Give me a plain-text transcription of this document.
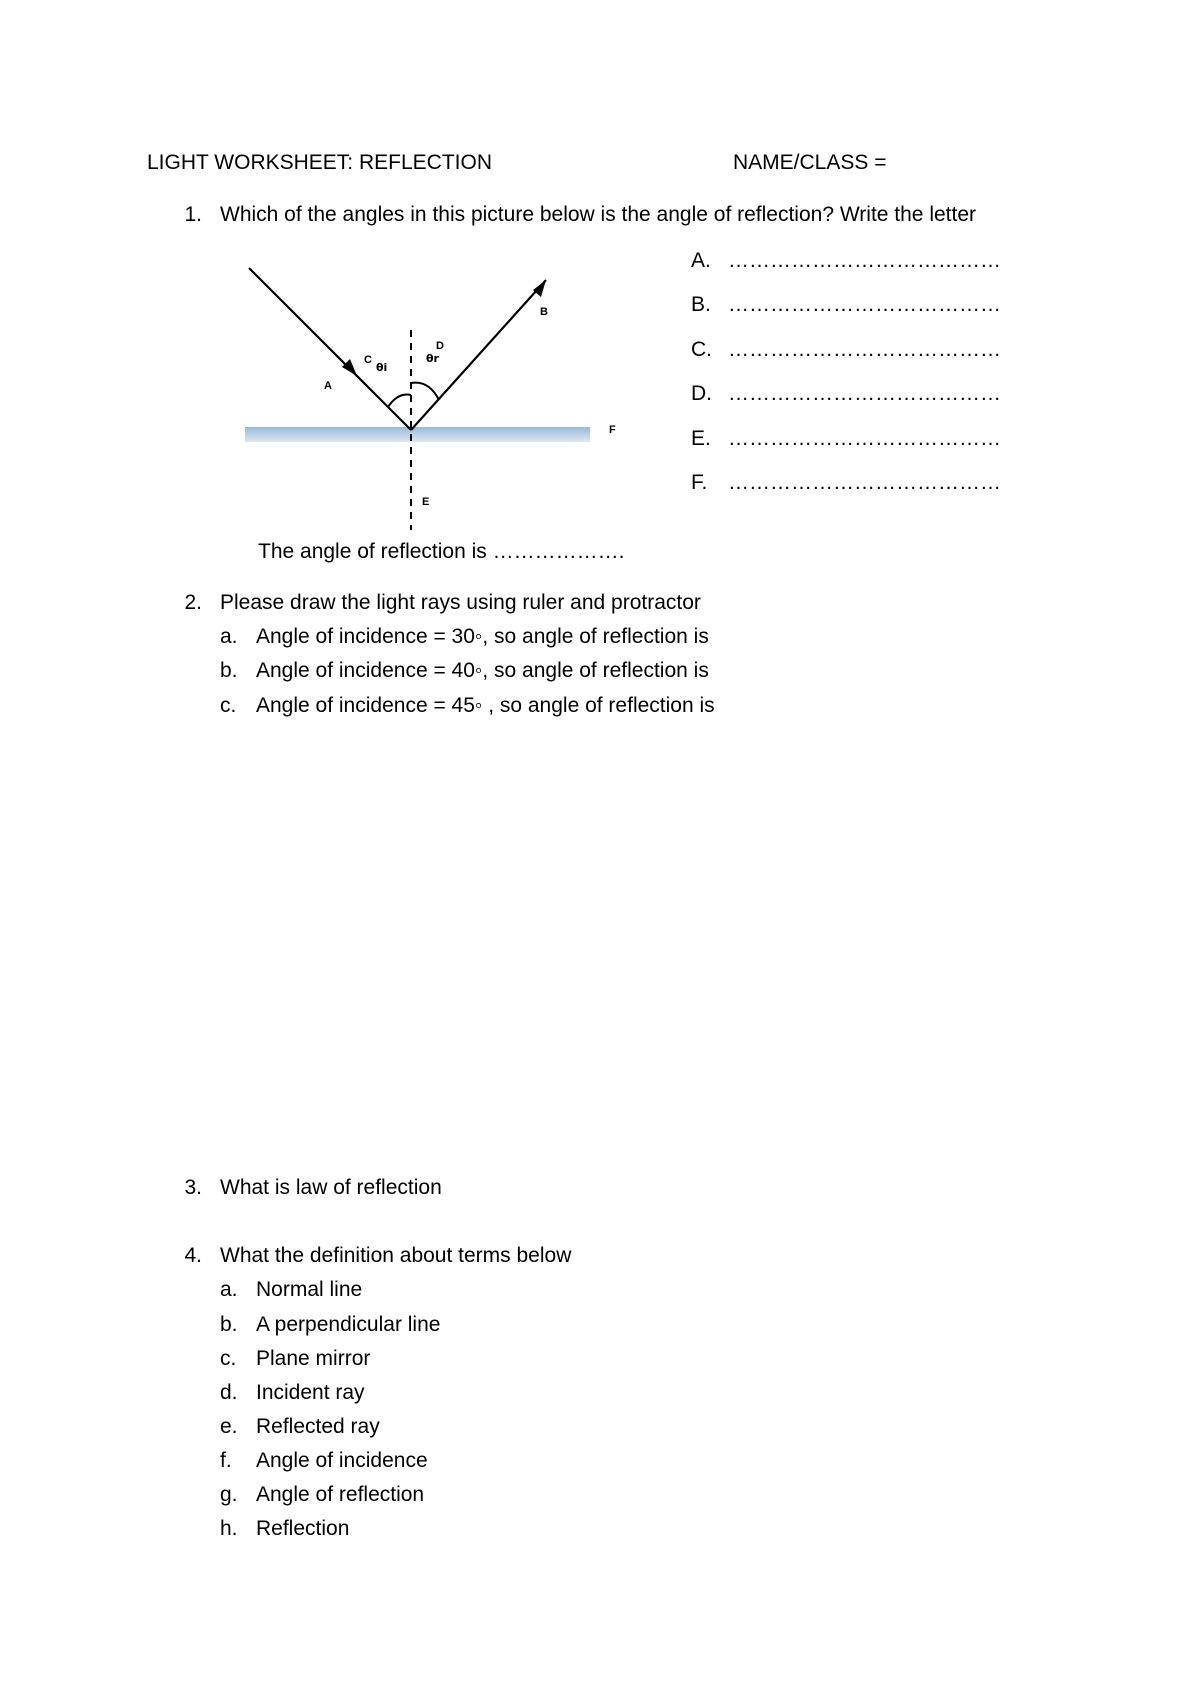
LIGHT WORKSHEET: REFLECTION	NAME/CLASS =
1. Which of the angles in this picture below is the angle of reflection? Write the letter
A
B
C
D
E
F
θi
θr
A. …………………………………
B. …………………………………
C. …………………………………
D. …………………………………
E. …………………………………
F. …………………………………
The angle of reflection is ……………….
2. Please draw the light rays using ruler and protractor
a. Angle of incidence = 30◦, so angle of reflection is
b. Angle of incidence = 40◦, so angle of reflection is
c. Angle of incidence = 45◦ , so angle of reflection is
3. What is law of reflection
4. What the definition about terms below
a. Normal line
b. A perpendicular line
c. Plane mirror
d. Incident ray
e. Reflected ray
f.	Angle of incidence
g. Angle of reflection
h. Reflection
